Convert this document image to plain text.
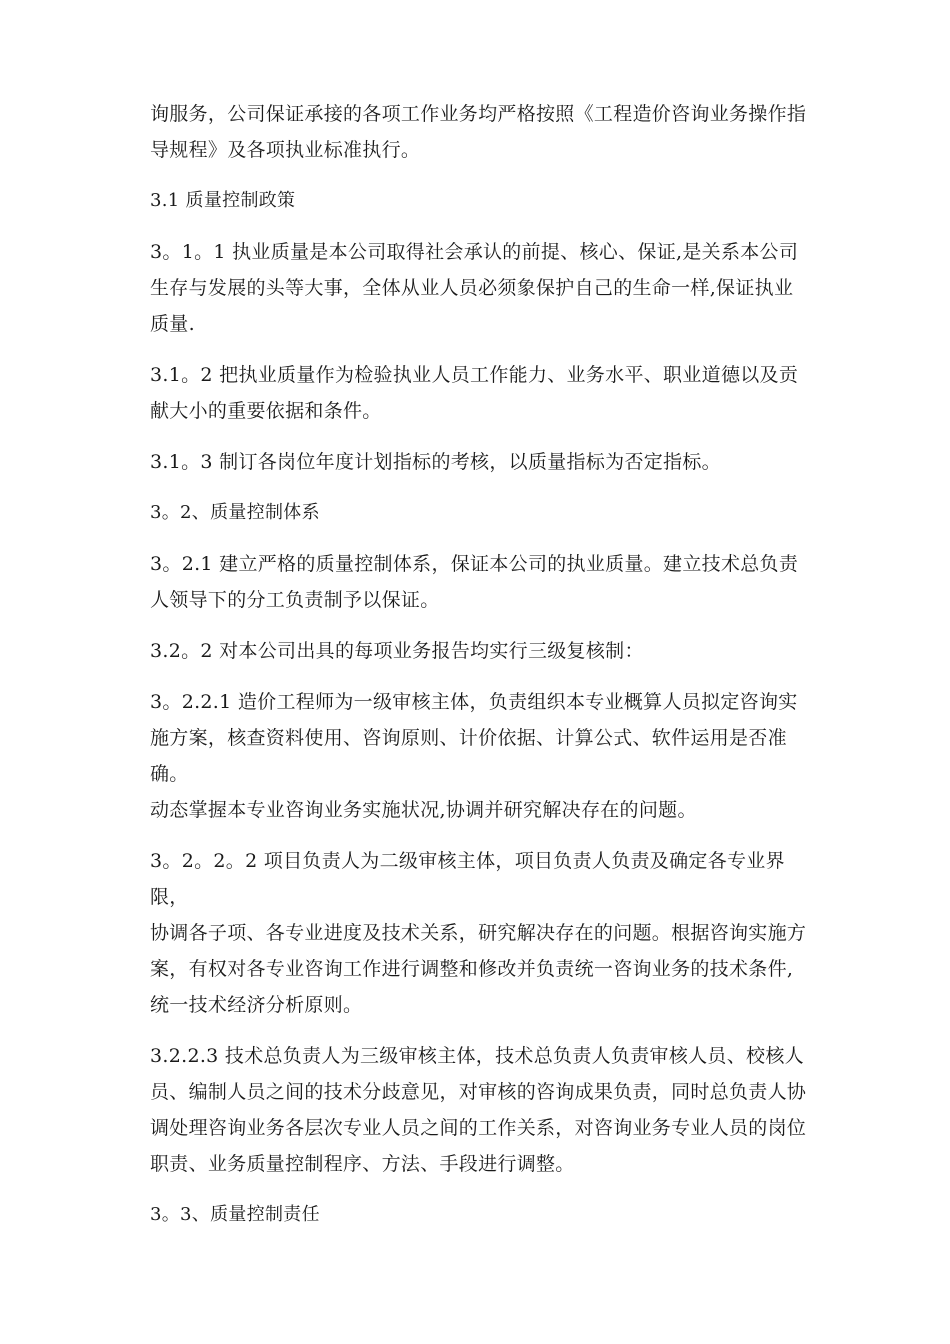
询服务，公司保证承接的各项工作业务均严格按照《工程造价咨询业务操作指

导规程》及各项执业标准执行。

3.1 质量控制政策

3。1。1 执业质量是本公司取得社会承认的前提、核心、保证,是关系本公司

生存与发展的头等大事，全体从业人员必须象保护自己的生命一样,保证执业

质量.

3.1。2 把执业质量作为检验执业人员工作能力、业务水平、职业道德以及贡

献大小的重要依据和条件。

3.1。3 制订各岗位年度计划指标的考核，以质量指标为否定指标。

3。2、质量控制体系

3。2.1 建立严格的质量控制体系，保证本公司的执业质量。建立技术总负责

人领导下的分工负责制予以保证。

3.2。2 对本公司出具的每项业务报告均实行三级复核制：

3。2.2.1 造价工程师为一级审核主体，负责组织本专业概算人员拟定咨询实

施方案，核查资料使用、咨询原则、计价依据、计算公式、软件运用是否准确。

动态掌握本专业咨询业务实施状况,协调并研究解决存在的问题。

3。2。2。2 项目负责人为二级审核主体，项目负责人负责及确定各专业界限，

协调各子项、各专业进度及技术关系，研究解决存在的问题。根据咨询实施方

案，有权对各专业咨询工作进行调整和修改并负责统一咨询业务的技术条件,

统一技术经济分析原则。

3.2.2.3 技术总负责人为三级审核主体，技术总负责人负责审核人员、校核人

员、编制人员之间的技术分歧意见，对审核的咨询成果负责，同时总负责人协

调处理咨询业务各层次专业人员之间的工作关系，对咨询业务专业人员的岗位

职责、业务质量控制程序、方法、手段进行调整。

3。3、质量控制责任
